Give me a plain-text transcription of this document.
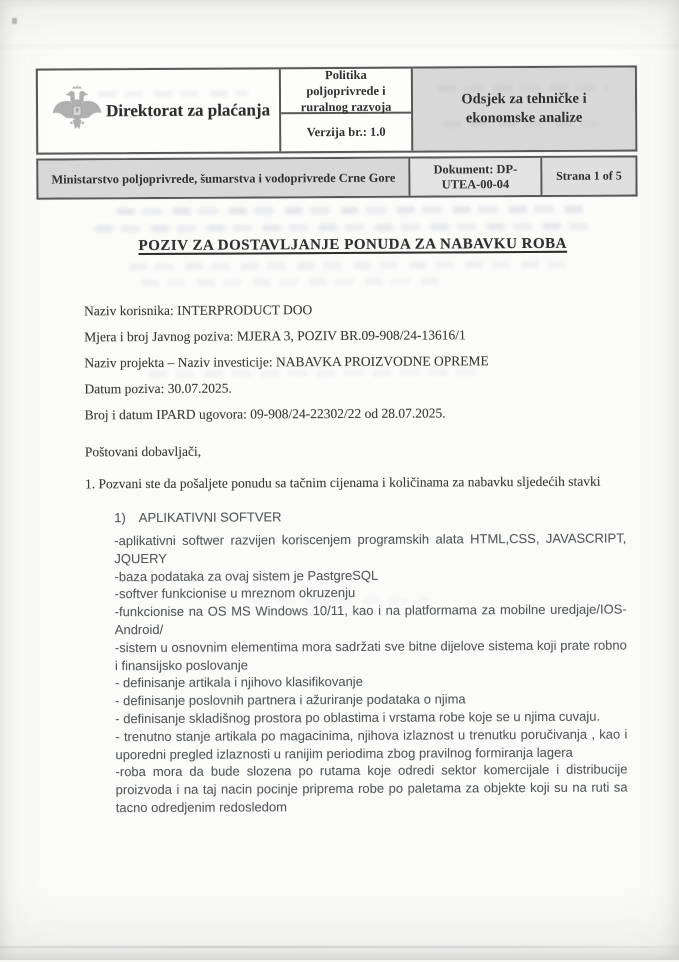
Direktorat za plaćanja
Politika poljoprivrede i ruralnog razvoja
Verzija br.: 1.0
Odsjek za tehničke i ekonomske analize
Ministarstvo poljoprivrede, šumarstva i vodoprivrede Crne Gore
Dokument: DP-UTEA-00-04
Strana 1 of 5
POZIV ZA DOSTAVLJANJE PONUDA ZA NABAVKU ROBA

Naziv korisnika: INTERPRODUCT DOO

Mjera i broj Javnog poziva: MJERA 3, POZIV BR.09-908/24-13616/1

Naziv projekta – Naziv investicije: NABAVKA PROIZVODNE OPREME

Datum poziva: 30.07.2025.

Broj i datum IPARD ugovora: 09-908/24-22302/22 od 28.07.2025.

Poštovani dobavljači,

1. Pozvani ste da pošaljete ponudu sa tačnim cijenama i količinama za nabavku sljedećih stavki

1) APLIKATIVNI SOFTVER

-aplikativni softwer razvijen koriscenjem programskih alata HTML,CSS, JAVASCRIPT, JQUERY

-baza podataka za ovaj sistem je PastgreSQL

-softver funkcionise u mreznom okruzenju

-funkcionise na OS MS Windows 10/11, kao i na platformama za mobilne uredjaje/IOS-Android/

-sistem u osnovnim elementima mora sadržati sve bitne dijelove sistema koji prate robno i finansijsko poslovanje

- definisanje artikala i njihovo klasifikovanje

- definisanje poslovnih partnera i ažuriranje podataka o njima

- definisanje skladišnog prostora po oblastima i vrstama robe koje se u njima cuvaju.

- trenutno stanje artikala po magacinima, njihova izlaznost u trenutku poručivanja , kao i uporedni pregled izlaznosti u ranijim periodima zbog pravilnog formiranja lagera

-roba mora da bude slozena po rutama koje odredi sektor komercijale i distribucije proizvoda i na taj nacin pocinje priprema robe po paletama za objekte koji su na ruti sa tacno odredjenim redosledom
